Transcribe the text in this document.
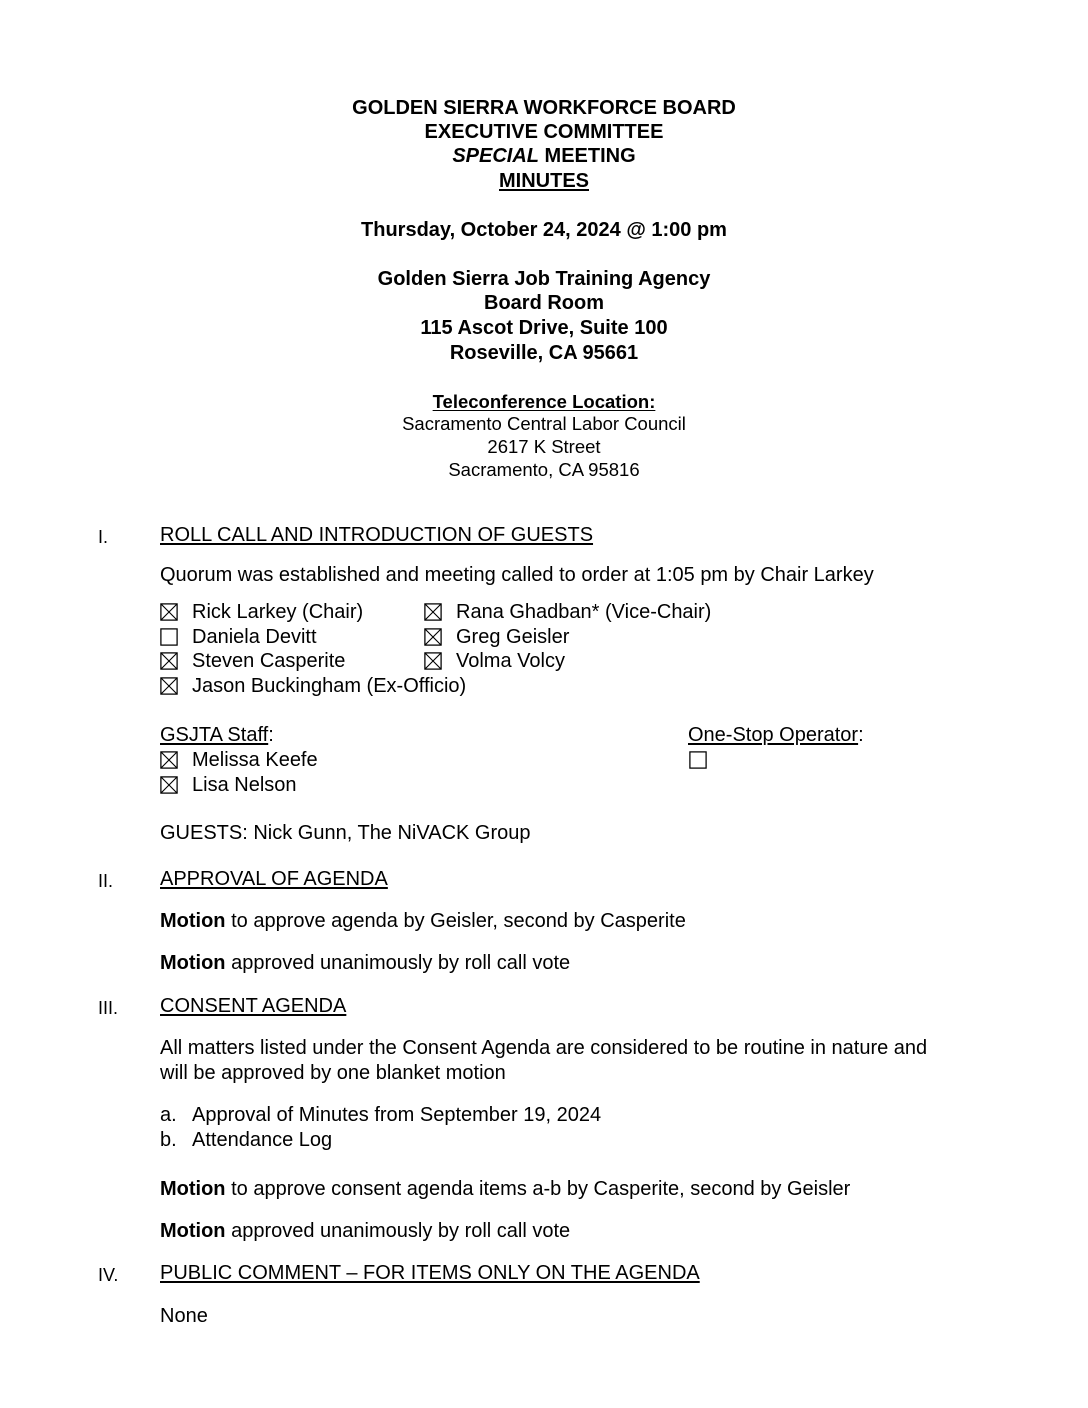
GOLDEN SIERRA WORKFORCE BOARD
EXECUTIVE COMMITTEE
SPECIAL MEETING
MINUTES
Thursday, October 24, 2024 @ 1:00 pm
Golden Sierra Job Training Agency
Board Room
115 Ascot Drive, Suite 100
Roseville, CA 95661
Teleconference Location:
Sacramento Central Labor Council
2617 K Street
Sacramento, CA 95816
I.	ROLL CALL AND INTRODUCTION OF GUESTS
Quorum was established and meeting called to order at 1:05 pm by Chair Larkey
Rick Larkey (Chair)
Daniela Devitt
Steven Casperite
Jason Buckingham (Ex-Officio)
Rana Ghadban* (Vice-Chair)
Greg Geisler
Volma Volcy
GSJTA Staff:	One-Stop Operator:
Melissa Keefe
Lisa Nelson
GUESTS: Nick Gunn, The NiVACK Group
II. APPROVAL OF AGENDA
Motion to approve agenda by Geisler, second by Casperite
Motion approved unanimously by roll call vote
III. CONSENT AGENDA
All matters listed under the Consent Agenda are considered to be routine in nature and
will be approved by one blanket motion
a. Approval of Minutes from September 19, 2024
b. Attendance Log
Motion to approve consent agenda items a-b by Casperite, second by Geisler
Motion approved unanimously by roll call vote
IV. PUBLIC COMMENT – FOR ITEMS ONLY ON THE AGENDA
None
